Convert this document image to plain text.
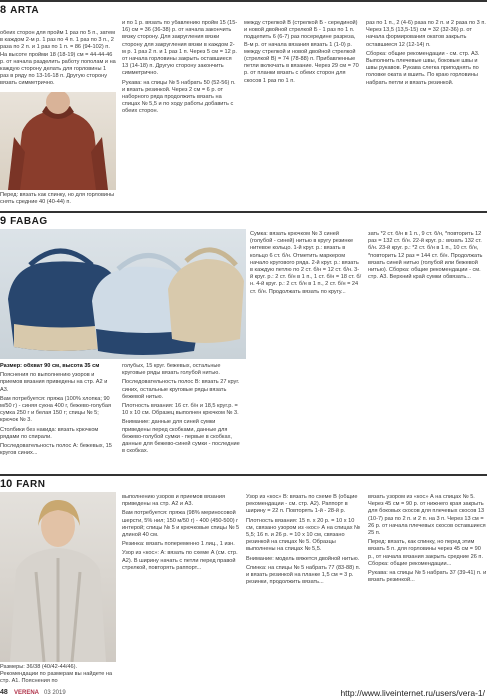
8 ARTA

обеих сторон для пройм 1 раз по 5 п., затем в каждом 2-м р. 1 раз по 4 п. 1 раз по 3 п., 2 раза по 2 п. и 1 раз по 1 п. = 86 (94-102) п. На высоте пройми 18 (18-19) см = 44-44-46 р. от начала разделить работу пополам и на каждую сторону делать для горловины 1 раз в ряду по 13-16-18 п. Другую сторону вязать симметрично.

Перед: вязать как спинку, но для горловины снять средние 40 (40-44) п.

и по 1 р. вязать по убавлению пройм 15 (15-16) см = 36 (36-38) р. от начала закончить вязку сторону. Для закругления вязки сторону для закругления вязки в каждом 2-м р. 1 раз 2 п. и 1 раз 1 п. Через 5 см = 12 р. от начала горловины закрыть оставшиеся 13 (14-18) п. Другую сторону закончить симметрично.

Рукава: на спицы № 5 набрать 50 (52-56) п. и вязать резинкой. Через 2 см = 6 р. от наборного ряда продолжить вязать на спицах № 5,5 и по ходу работы добавить с обеих сторон.

между стрелкой В (стрелкой Б - серединой) и новой двойной стрелкой Б - 1 раз по 1 п. подцепить 6 (6-7) раз посередине разреза, В-м р. от начала вязания вязать 1 (1-0) р. между стрелкой и новой двойной стрелкой (стрелкой В) = 74 (78-88) п. Прибавленные петли включать в вязание. Через 29 см = 70 р. от планки вязать с обеих сторон для скосов 1 раз по 1 п.

раз по 1 п., 2 (4-6) раза по 2 п. и 2 раза по 3 п. Через 13,5 (13,5-15) см = 32 (32-36) р. от начала формирования окатов закрыть оставшиеся 12 (12-14) п.

Сборка: общие рекомендации - см. стр. А3. Выполнить плечевые швы, боковые швы и швы рукавов. Рукава слегка приподнять по головке оката и вшить. По краю горловины набрать петли и вязать резинкой.

9 FABAG

Размер: обхват 90 см, высота 35 см

Пояснения по выполнению узоров и приемов вязания приведены на стр. А2 и А3.

Вам потребуется: пряжа (100% хлопка; 90 м/50 г) - синяя сукна 400 г, бежево-голубая сумка 250 г и белая 150 г; спицы № 5; крючок № 3.

Столбики без накида: вязать крючком рядами по спирали.

Последовательность полос А: бежевых, 15 кругов синих...

голубых, 15 круг. бежевых, остальные круговые ряды вязать голубой нитью.

Последовательность полос В: вязать 27 круг. синих, остальные круговые ряды вязать бежевой нитью.

Плотность вязания: 16 ст. б/н и 18,5 круг.р. = 10 х 10 см. Образец выполнен крючком № 3.

Внимание: данные для синей сумки приведены перед скобками, данные для бежево-голубой сумки - первые в скобках, данные для бежево-синей сумки - последние в скобках.

Сумка: вязать крючком № 3 синей (голубой - синей) нитью в кругу резинке нитевое кольцо. 1-й круг. р.: вязать в кольцо 6 ст. б/н. Отметить маркером начало кругового ряда. 2-й круг. р.: вязать в каждую петлю по 2 ст. б/н = 12 ст. б/н. 3-й круг. р.: 2 ст. б/н в 1 п., 1 ст. б/н = 18 ст. б/н. 4-й круг. р.: 2 ст. б/н в 1 п., 2 ст. б/н = 24 ст. б/н. Продолжать вязать по кругу...

зать *2 ст. б/н в 1 п., 9 ст. б/н, *повторить 12 раз = 132 ст. б/н. 22-й круг. р.: вязать 132 ст. б/н. 23-й круг. р.: *2 ст. б/н в 1 п., 10 ст. б/н, *повторить 12 раз = 144 ст. б/н. Продолжать вязать синей нитью (голубой или бежевой нитью). Сборка: общие рекомендации - см. стр. А3. Верхний край сумки обвязать...

10 FARN

Размеры: 36/38 (40/42-44/46). Рекомендации по размерам вы найдете на стр. А1. Пояснения по

выполнению узоров и приемов вязания приведены на стр. А2 и А3.

Вам потребуется: пряжа (98% мериносовой шерсти, 5% нил; 150 м/50 г) - 400 (450-500) г интерой; спицы № 5 и крючковые спицы № 5 длиной 40 см.

Резинка: вязать попеременно 1 лиц., 1 изн.

Узор из «кос»: А: вязать по схеме А (см. стр. А2). В ширину начать с петли перед правой стрелкой, повторять раппорт...

Узор из «кос» В: вязать по схеме В (общие рекомендации - см. стр. А2). Раппорт в ширину = 22 п. Повторять 1-й - 28-й р.

Плотность вязания: 15 п. х 20 р. = 10 х 10 см, связано узором из «кос» А на спицах № 5,5; 16 п. и 26 р. = 10 х 10 см, связано резинкой на спицах № 5. Образцы выполнены на спицах № 5,5.

Внимание: модель вяжется двойной нитью.

Спинка: на спицы № 5 набрать 77 (83-88) п. и вязать резинкой на планке 1,5 см = 3 р. резинки, продолжить вязать...

вязать узором из «кос» А на спицах № 5. Через 45 см = 90 р. от нижнего края закрыть для боковых скосов для плечевых скосов 13 (10-7) раз по 2 п. и 2 п. на 3 п. Через 13 см = 26 р. от начала плечевых скосов оставшиеся 25 п.

Перед: вязать, как спинку, но перед этим вязать 5 п. для горловины через 45 см = 90 р., от начала вязания закрыть средние 26 п. Сборка: общие рекомендации...

Рукава: на спицы № 5 набрать 37 (39-41) п. и вязать резинкой...

48 VERENA 03 2019	http://www.liveinternet.ru/users/vera-1/
